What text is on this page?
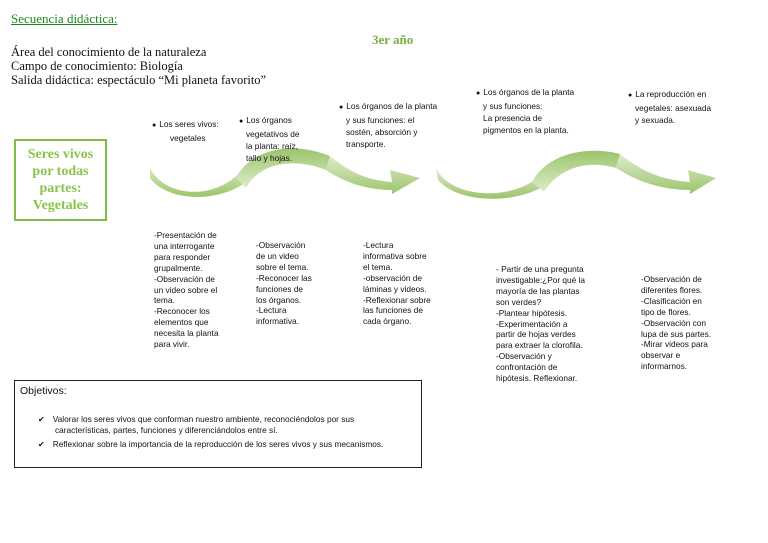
Secuencia didáctica:
3er año
Área del conocimiento de la naturaleza
Campo de conocimiento: Biología
Salida didáctica: espectáculo “Mi planeta favorito”
Seres vivos
por todas
partes:
Vegetales
● Los seres vivos:
vegetales
● Los órganos
vegetativos de
la planta: raíz,
tallo y hojas.
● Los órganos de la planta
y sus funciones: el
sostén, absorción y
transporte.
● Los órganos de la planta
y sus funciones:
La presencia de
pigmentos en la planta.
● La reproducción en
vegetales: asexuada
y sexuada.
-Presentación de
una interrogante
para responder
grupalmente.
-Observación de
un video sobre el
tema.
-Reconocer los
elementos que
necesita la planta
para vivir.
-Observación
de un video
sobre el tema.
-Reconocer las
funciones de
los órganos.
-Lectura
informativa.
-Lectura
informativa sobre
el tema.
-observación de
láminas y videos.
-Reflexionar sobre
las funciones de
cada órgano.
- Partir de una pregunta
investigable:¿Por qué la
mayoría de las plantas
son verdes?
-Plantear hipótesis.
-Experimentación a
partir de hojas verdes
para extraer la clorofila.
-Observación y
confrontación de
hipótesis. Reflexionar.
-Observación de
diferentes flores.
-Clasificación en
tipo de flores.
-Observación con
lupa de sus partes.
-Mirar videos para
observar e
informarnos.
Objetivos:
✔ Valorar los seres vivos que conforman nuestro ambiente, reconociéndolos por sus
características, partes, funciones y diferenciándolos entre sí.
✔ Reflexionar sobre la importancia de la reproducción de los seres vivos y sus mecanismos.
